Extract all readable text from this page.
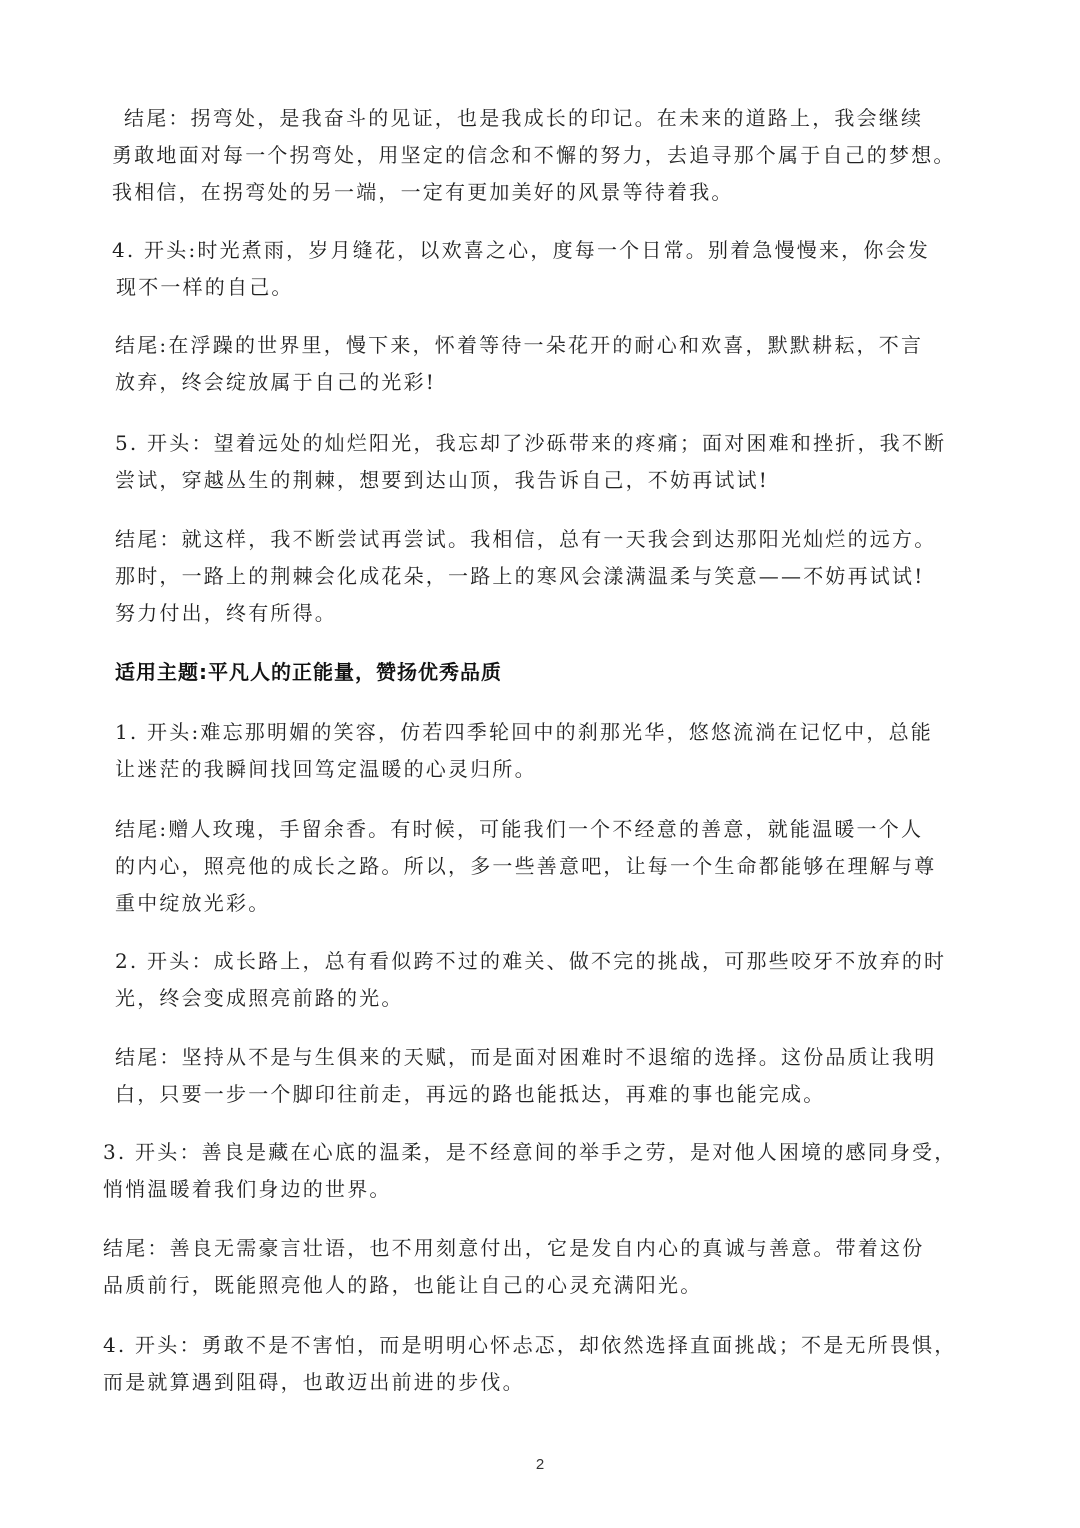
结尾：拐弯处，是我奋斗的见证，也是我成长的印记。在未来的道路上，我会继续
勇敢地面对每一个拐弯处，用坚定的信念和不懈的努力，去追寻那个属于自己的梦想。
我相信，在拐弯处的另一端，一定有更加美好的风景等待着我。
4. 开头:时光煮雨，岁月缝花，以欢喜之心，度每一个日常。别着急慢慢来，你会发
现不一样的自己。
结尾:在浮躁的世界里，慢下来，怀着等待一朵花开的耐心和欢喜，默默耕耘，不言
放弃，终会绽放属于自己的光彩!
5. 开头：望着远处的灿烂阳光，我忘却了沙砾带来的疼痛；面对困难和挫折，我不断
尝试，穿越丛生的荆棘，想要到达山顶，我告诉自己，不妨再试试!
结尾：就这样，我不断尝试再尝试。我相信，总有一天我会到达那阳光灿烂的远方。
那时，一路上的荆棘会化成花朵，一路上的寒风会漾满温柔与笑意——不妨再试试!
努力付出，终有所得。
适用主题:平凡人的正能量，赞扬优秀品质
1. 开头:难忘那明媚的笑容，仿若四季轮回中的刹那光华，悠悠流淌在记忆中，总能
让迷茫的我瞬间找回笃定温暖的心灵归所。
结尾:赠人玫瑰，手留余香。有时候，可能我们一个不经意的善意，就能温暖一个人
的内心，照亮他的成长之路。所以，多一些善意吧，让每一个生命都能够在理解与尊
重中绽放光彩。
2. 开头：成长路上，总有看似跨不过的难关、做不完的挑战，可那些咬牙不放弃的时
光，终会变成照亮前路的光。
结尾：坚持从不是与生俱来的天赋，而是面对困难时不退缩的选择。这份品质让我明
白，只要一步一个脚印往前走，再远的路也能抵达，再难的事也能完成。
3. 开头：善良是藏在心底的温柔，是不经意间的举手之劳，是对他人困境的感同身受，
悄悄温暖着我们身边的世界。
结尾：善良无需豪言壮语，也不用刻意付出，它是发自内心的真诚与善意。带着这份
品质前行，既能照亮他人的路，也能让自己的心灵充满阳光。
4. 开头：勇敢不是不害怕，而是明明心怀忐忑，却依然选择直面挑战；不是无所畏惧，
而是就算遇到阻碍，也敢迈出前进的步伐。
2
